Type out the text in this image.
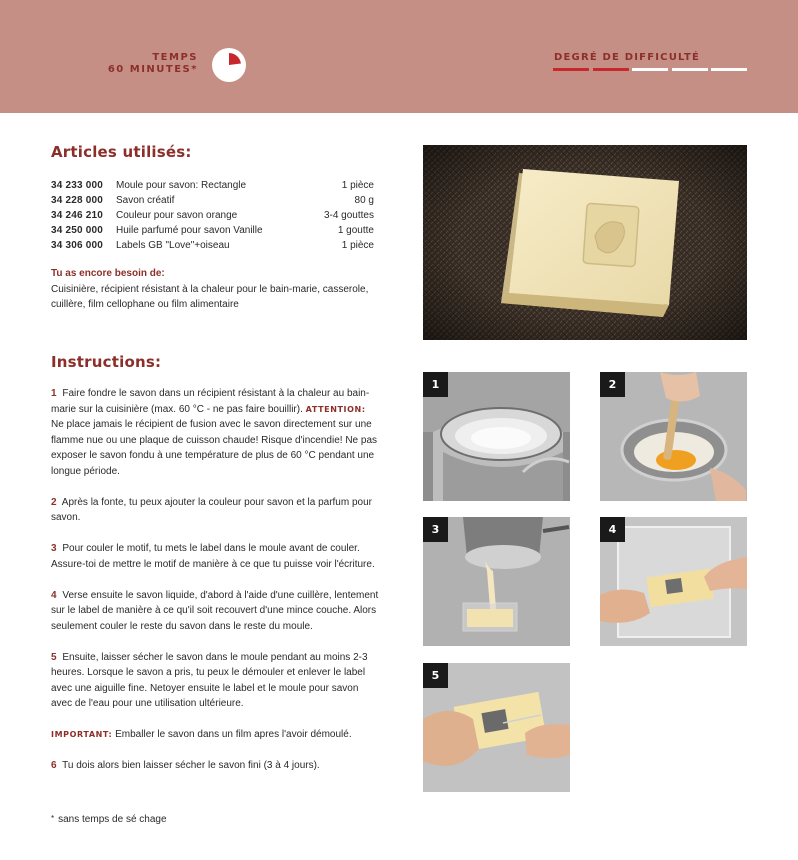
TEMPS
60 MINUTES*
DEGRÉ DE DIFFICULTÉ
Articles utilisés:
34 233 000 Moule pour savon: Rectangle	1 pièce
34 228 000 Savon créatif	80 g
34 246 210 Couleur pour savon orange	3-4 gouttes
34 250 000 Huile parfumé pour savon Vanille	1 goutte
34 306 000 Labels GB "Love"+oiseau	1 pièce
Tu as encore besoin de:
Cuisinière, récipient résistant à la chaleur pour le bain-marie, casserole, cuillère, film cellophane ou film alimentaire
Instructions:

1 Faire fondre le savon dans un récipient résistant à la chaleur au bain-marie sur la cuisinière (max. 60 °C - ne pas faire bouillir). ATTENTION: Ne place jamais le récipient de fusion avec le savon directement sur une flamme nue ou une plaque de cuisson chaude! Risque d'incendie! Ne pas exposer le savon fondu à une température de plus de 60 °C pendant une longue période.

2 Après la fonte, tu peux ajouter la couleur pour savon et la parfum pour savon.

3 Pour couler le motif, tu mets le label dans le moule avant de couler. Assure-toi de mettre le motif de manière à ce que tu puisse voir l'écriture.

4 Verse ensuite le savon liquide, d'abord à l'aide d'une cuillère, lentement sur le label de manière à ce qu'il soit recouvert d'une mince couche. Alors seulement couler le reste du savon dans le reste du moule.

5 Ensuite, laisser sécher le savon dans le moule pendant au moins 2-3 heures. Lorsque le savon a pris, tu peux le démouler et enlever le label avec une aiguille fine. Netoyer ensuite le label et le moule pour savon avec de l'eau pour une utilisation ultérieure.

IMPORTANT: Emballer le savon dans un film apres l'avoir démoulé.

6 Tu dois alors bien laisser sécher le savon fini (3 à 4 jours).

* sans temps de sé chage
1	2
3	4
5
